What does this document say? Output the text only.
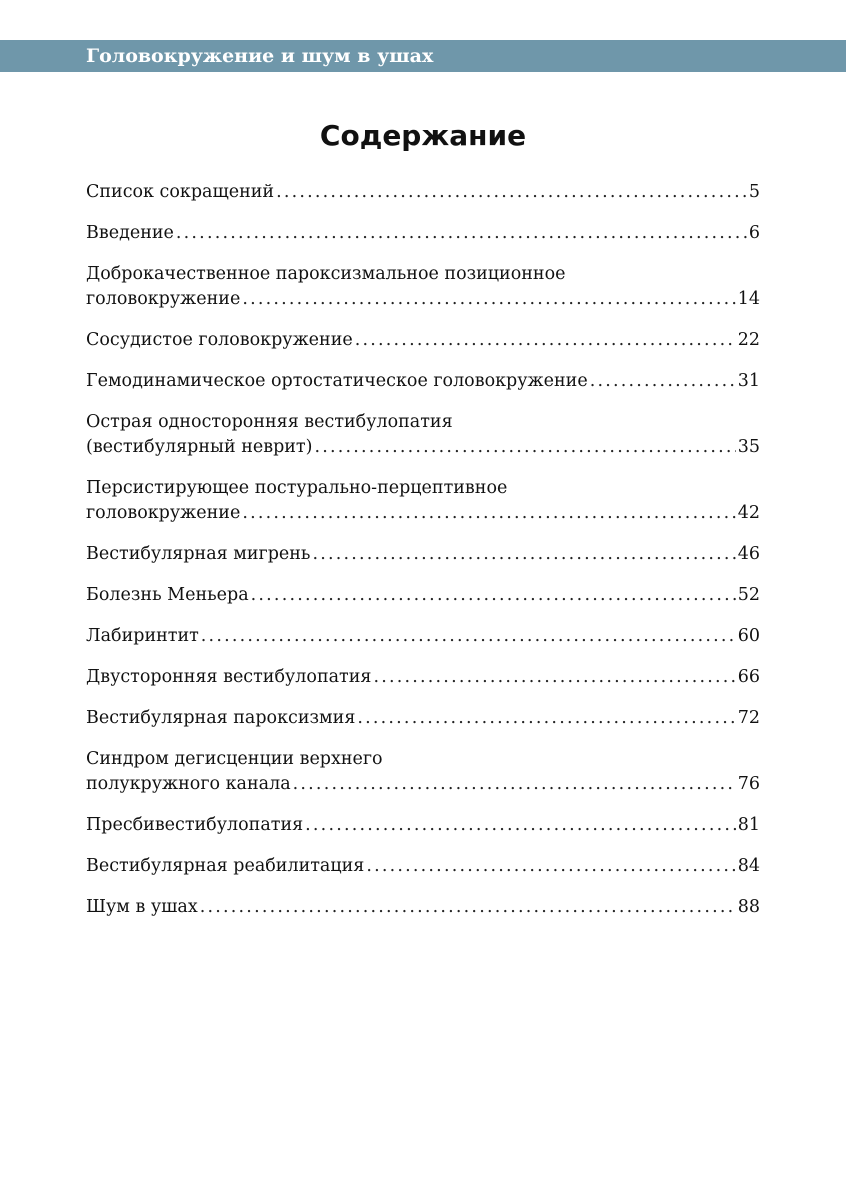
Головокружение и шум в ушах
Содержание
Список сокращений .....	5
Введение .....	6
Доброкачественное пароксизмальное позиционное
головокружение .....	14
Сосудистое головокружение .....	22
Гемодинамическое ортостатическое головокружение .....	31
Острая односторонняя вестибулопатия
(вестибулярный неврит) .....	35
Персистирующее постурально-перцептивное
головокружение .....	42
Вестибулярная мигрень .....	46
Болезнь Меньера .....	52
Лабиринтит .....	60
Двусторонняя вестибулопатия .....	66
Вестибулярная пароксизмия .....	72
Синдром дегисценции верхнего
полукружного канала .....	76
Пресбивестибулопатия .....	81
Вестибулярная реабилитация .....	84
Шум в ушах .....	88
